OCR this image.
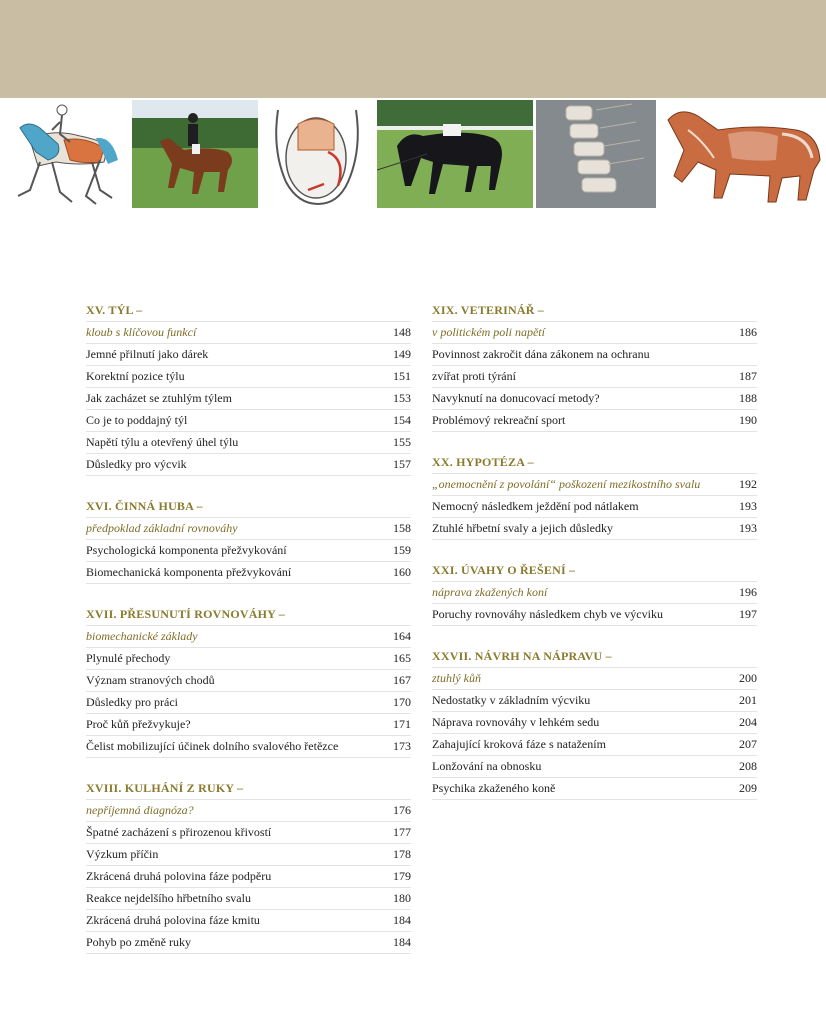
XV. TÝL –
kloub s klíčovou funkcí	148
Jemné přilnutí jako dárek	149
Korektní pozice týlu	151
Jak zacházet se ztuhlým týlem	153
Co je to poddajný týl	154
Napětí týlu a otevřený úhel týlu	155
Důsledky pro výcvik	157
XVI. ČINNÁ HUBA –
předpoklad základní rovnováhy	158
Psychologická komponenta přežvykování	159
Biomechanická komponenta přežvykování	160
XVII. PŘESUNUTÍ ROVNOVÁHY –
biomechanické základy	164
Plynulé přechody	165
Význam stranových chodů	167
Důsledky pro práci	170
Proč kůň přežvykuje?	171
Čelist mobilizující účinek dolního svalového řetězce	173
XVIII. KULHÁNÍ Z RUKY –
nepříjemná diagnóza?	176
Špatné zacházení s přirozenou křivostí	177
Výzkum příčin	178
Zkrácená druhá polovina fáze podpěru	179
Reakce nejdelšího hřbetního svalu	180
Zkrácená druhá polovina fáze kmitu	184
Pohyb po změně ruky	184
XIX. VETERINÁŘ –
v politickém poli napětí	186
Povinnost zakročit dána zákonem na ochranu
zvířat proti týrání	187
Navyknutí na donucovací metody?	188
Problémový rekreační sport	190
XX. HYPOTÉZA –
„onemocnění z povolání“ poškození mezikostního svalu	192
Nemocný následkem ježdění pod nátlakem	193
Ztuhlé hřbetní svaly a jejich důsledky	193
XXI. ÚVAHY O ŘEŠENÍ –
náprava zkažených koní	196
Poruchy rovnováhy následkem chyb ve výcviku	197
XXVII. NÁVRH NA NÁPRAVU –
ztuhlý kůň	200
Nedostatky v základním výcviku	201
Náprava rovnováhy v lehkém sedu	204
Zahajující kroková fáze s natažením	207
Lonžování na obnosku	208
Psychika zkaženého koně	209
